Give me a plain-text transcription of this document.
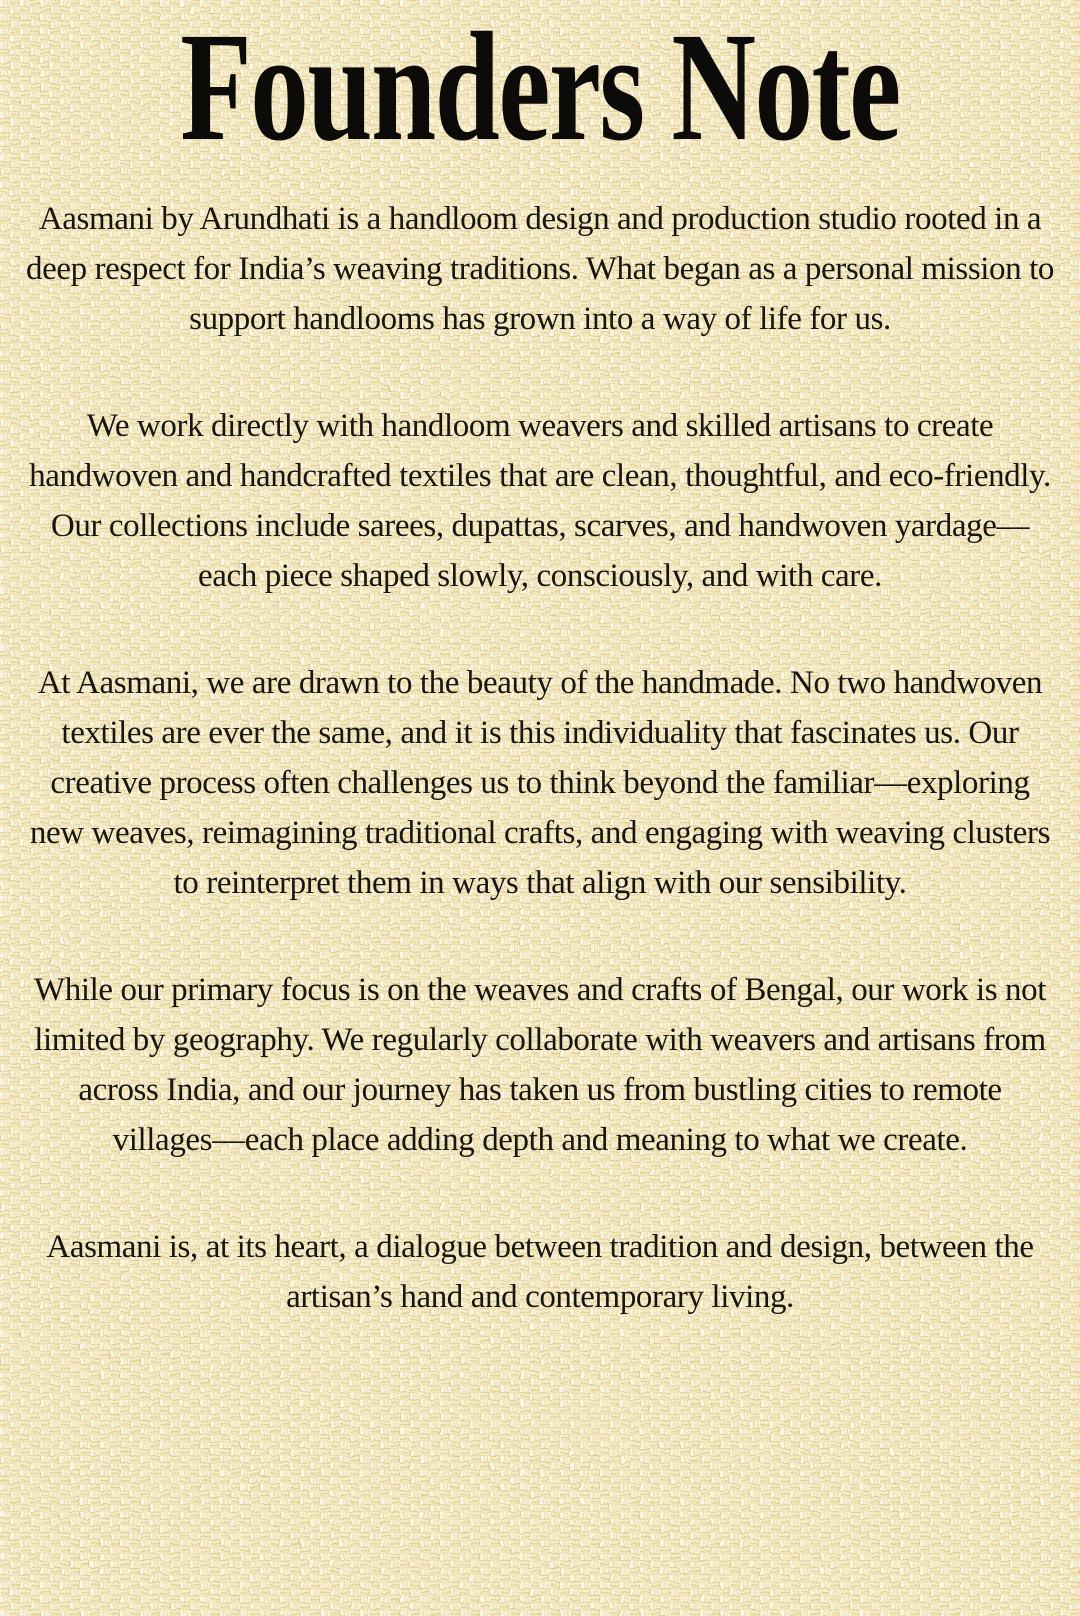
Founders Note

Aasmani by Arundhati is a handloom design and production studio rooted in a deep respect for India’s weaving traditions. What began as a personal mission to support handlooms has grown into a way of life for us.

We work directly with handloom weavers and skilled artisans to create handwoven and handcrafted textiles that are clean, thoughtful, and eco-friendly. Our collections include sarees, dupattas, scarves, and handwoven yardage—each piece shaped slowly, consciously, and with care.

At Aasmani, we are drawn to the beauty of the handmade. No two handwoven textiles are ever the same, and it is this individuality that fascinates us. Our creative process often challenges us to think beyond the familiar—exploring new weaves, reimagining traditional crafts, and engaging with weaving clusters to reinterpret them in ways that align with our sensibility.

While our primary focus is on the weaves and crafts of Bengal, our work is not limited by geography. We regularly collaborate with weavers and artisans from across India, and our journey has taken us from bustling cities to remote villages—each place adding depth and meaning to what we create.

Aasmani is, at its heart, a dialogue between tradition and design, between the artisan’s hand and contemporary living.
